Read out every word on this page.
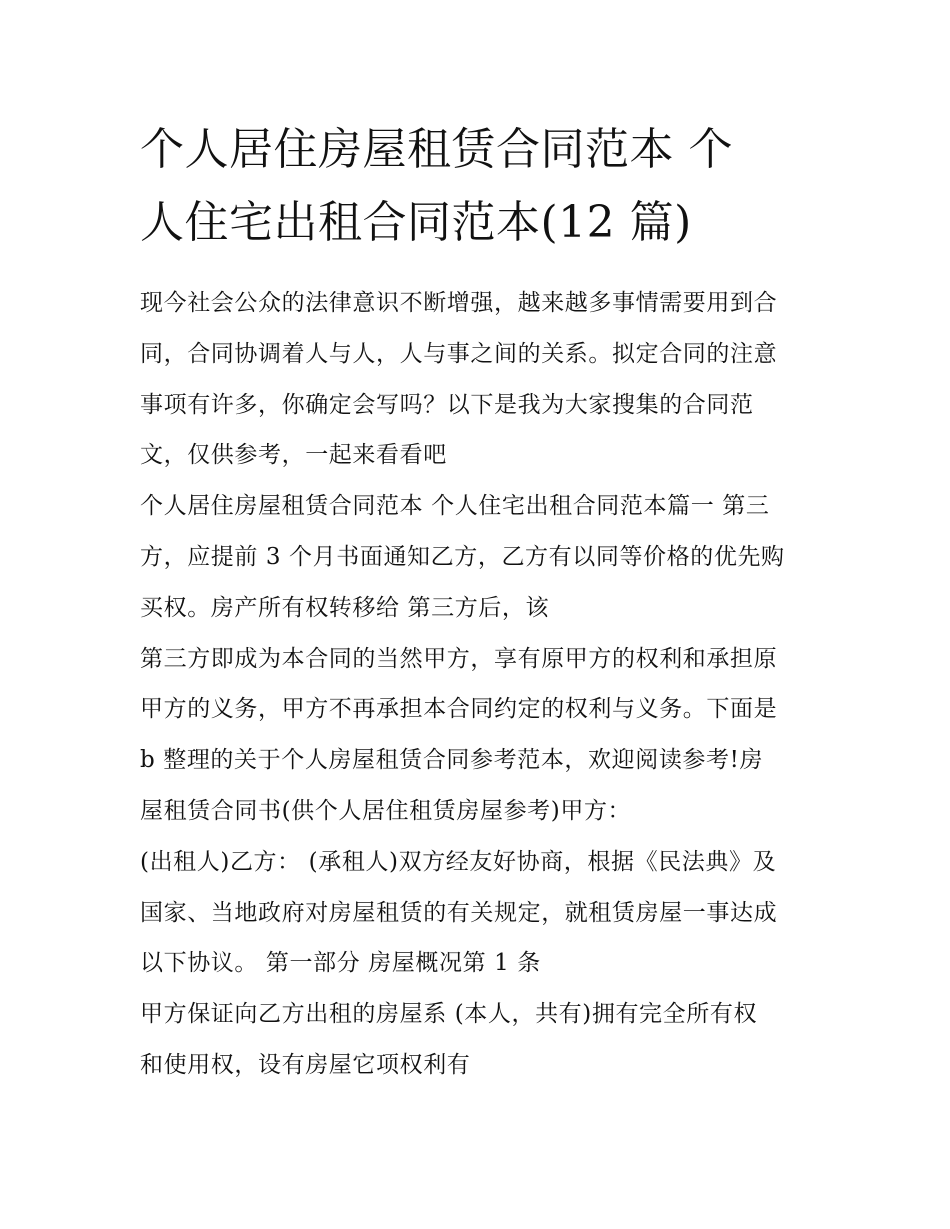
个人居住房屋租赁合同范本 个
人住宅出租合同范本(12 篇)

现今社会公众的法律意识不断增强，越来越多事情需要用到合
同，合同协调着人与人，人与事之间的关系。拟定合同的注意
事项有许多，你确定会写吗？以下是我为大家搜集的合同范
文，仅供参考，一起来看看吧

个人居住房屋租赁合同范本 个人住宅出租合同范本篇一 第三
方，应提前 3 个月书面通知乙方，乙方有以同等价格的优先购
买权。房产所有权转移给 第三方后，该

第三方即成为本合同的当然甲方，享有原甲方的权利和承担原
甲方的义务，甲方不再承担本合同约定的权利与义务。下面是
b 整理的关于个人房屋租赁合同参考范本，欢迎阅读参考!房
屋租赁合同书(供个人居住租赁房屋参考)甲方：

(出租人)乙方： (承租人)双方经友好协商，根据《民法典》及
国家、当地政府对房屋租赁的有关规定，就租赁房屋一事达成
以下协议。 第一部分 房屋概况第 1 条

甲方保证向乙方出租的房屋系 (本人，共有)拥有完全所有权
和使用权，设有房屋它项权利有
